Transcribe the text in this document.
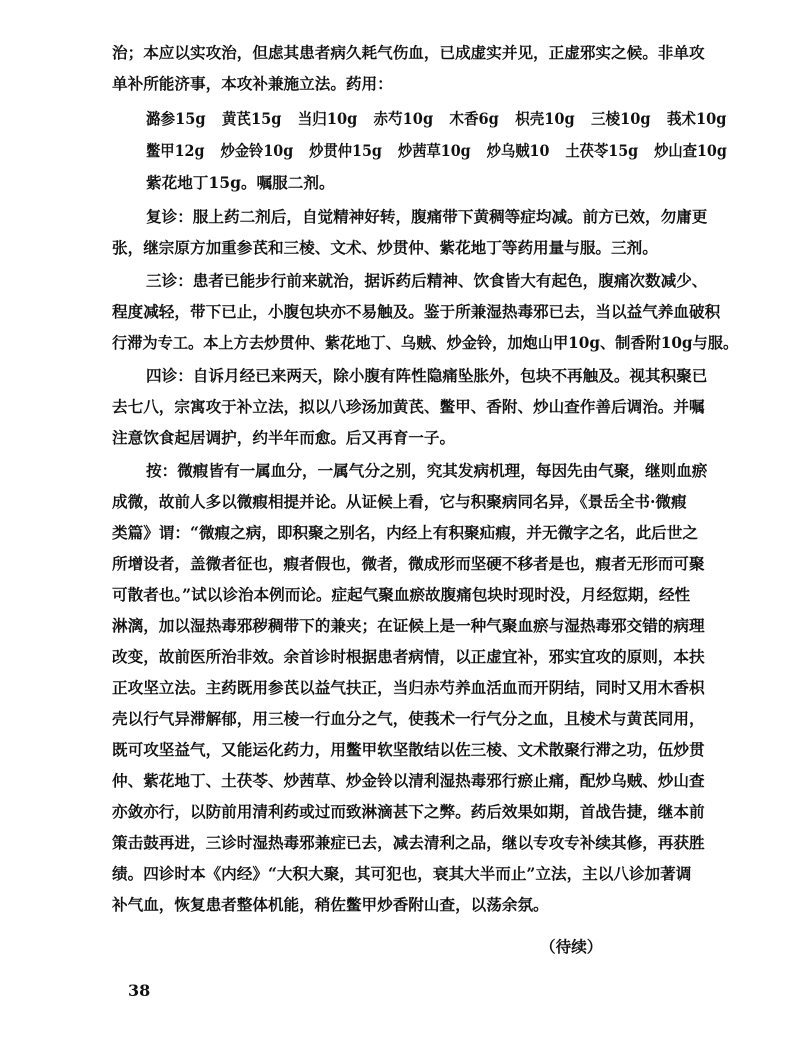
治；本应以实攻治，但虑其患者病久耗气伤血，已成虚实并见，正虚邪实之候。非单攻
单补所能济事，本攻补兼施立法。药用：
潞参15g 黄芪15g 当归10g 赤芍10g 木香6g 枳壳10g 三棱10g 莪术10g
鳖甲12g 炒金铃10g 炒贯仲15g 炒茜草10g 炒乌贼10 土茯苓15g 炒山查10g
紫花地丁15g。嘱服二剂。
复诊：服上药二剂后，自觉精神好转，腹痛带下黄稠等症均减。前方已效，勿庸更
张，继宗原方加重参芪和三棱、文术、炒贯仲、紫花地丁等药用量与服。三剂。
三诊：患者已能步行前来就治，据诉药后精神、饮食皆大有起色，腹痛次数减少、
程度减轻，带下已止，小腹包块亦不易触及。鉴于所兼湿热毒邪已去，当以益气养血破积
行滞为专工。本上方去炒贯仲、紫花地丁、乌贼、炒金铃，加炮山甲10g、制香附10g与服。
四诊：自诉月经已来两天，除小腹有阵性隐痛坠胀外，包块不再触及。视其积聚已
去七八，宗寓攻于补立法，拟以八珍汤加黄芪、鳖甲、香附、炒山查作善后调治。并嘱
注意饮食起居调护，约半年而愈。后又再育一子。
按：微瘕皆有一属血分，一属气分之别，究其发病机理，每因先由气聚，继则血瘀
成微，故前人多以微瘕相提并论。从证候上看，它与积聚病同名异，《景岳全书·微瘕
类篇》谓：“微瘕之病，即积聚之别名，内经上有积聚疝瘕，并无微字之名，此后世之
所增设者，盖微者征也，瘕者假也，微者，微成形而坚硬不移者是也，瘕者无形而可聚
可散者也。”试以诊治本例而论。症起气聚血瘀故腹痛包块时现时没，月经愆期，经性
淋漓，加以湿热毒邪秽稠带下的兼夹；在证候上是一种气聚血瘀与湿热毒邪交错的病理
改变，故前医所治非效。余首诊时根据患者病情，以正虚宜补，邪实宜攻的原则，本扶
正攻坚立法。主药既用参芪以益气扶正，当归赤芍养血活血而开阴结，同时又用木香枳
壳以行气异滞解郁，用三棱一行血分之气，使莪术一行气分之血，且棱术与黄芪同用，
既可攻坚益气，又能运化药力，用鳖甲软坚散结以佐三棱、文术散聚行滞之功，伍炒贯
仲、紫花地丁、土茯苓、炒茜草、炒金铃以清利湿热毒邪行瘀止痛，配炒乌贼、炒山查
亦敛亦行，以防前用清利药或过而致淋滴甚下之弊。药后效果如期，首战告捷，继本前
策击鼓再进，三诊时湿热毒邪兼症已去，减去清利之品，继以专攻专补续其修，再获胜
绩。四诊时本《内经》“大积大聚，其可犯也，衰其大半而止”立法，主以八诊加著调
补气血，恢复患者整体机能，稍佐鳖甲炒香附山查，以荡余氛。
（待续）
38
